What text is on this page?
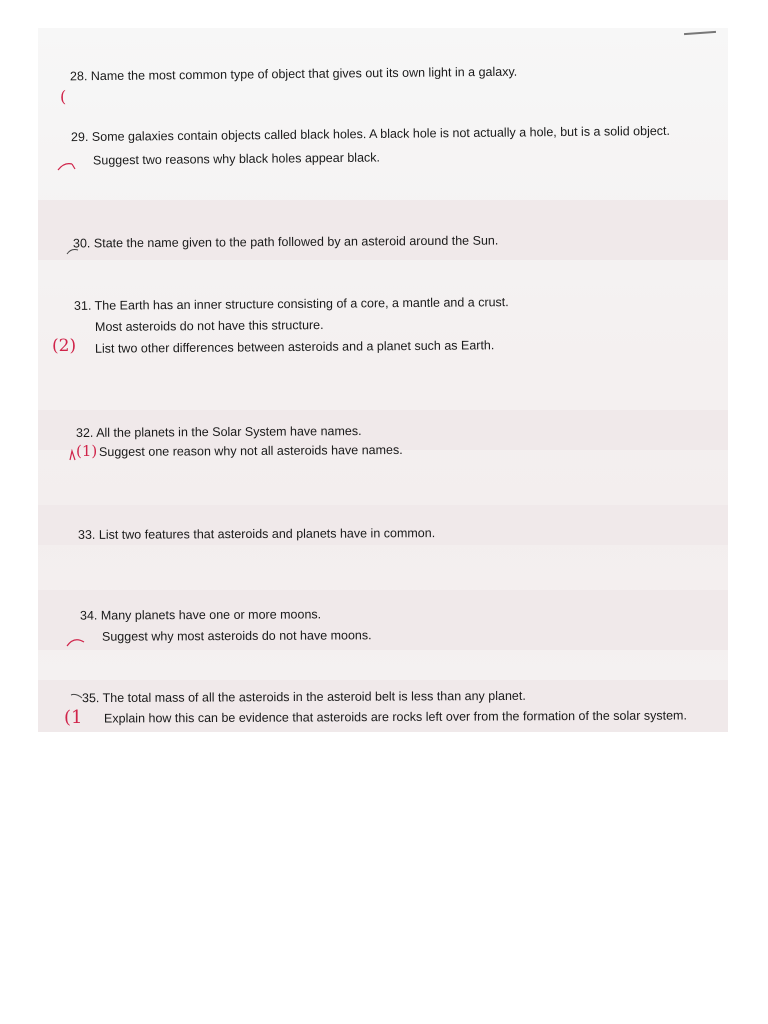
28. Name the most common type of object that gives out its own light in a galaxy.
(
29. Some galaxies contain objects called black holes. A black hole is not actually a hole, but is a solid object.
Suggest two reasons why black holes appear black.
30. State the name given to the path followed by an asteroid around the Sun.
31. The Earth has an inner structure consisting of a core, a mantle and a crust.
Most asteroids do not have this structure.
List two other differences between asteroids and a planet such as Earth.
(2)
32. All the planets in the Solar System have names.
Suggest one reason why not all asteroids have names.
(1)
33. List two features that asteroids and planets have in common.
34. Many planets have one or more moons.
Suggest why most asteroids do not have moons.
35. The total mass of all the asteroids in the asteroid belt is less than any planet.
Explain how this can be evidence that asteroids are rocks left over from the formation of the solar system.
(1
